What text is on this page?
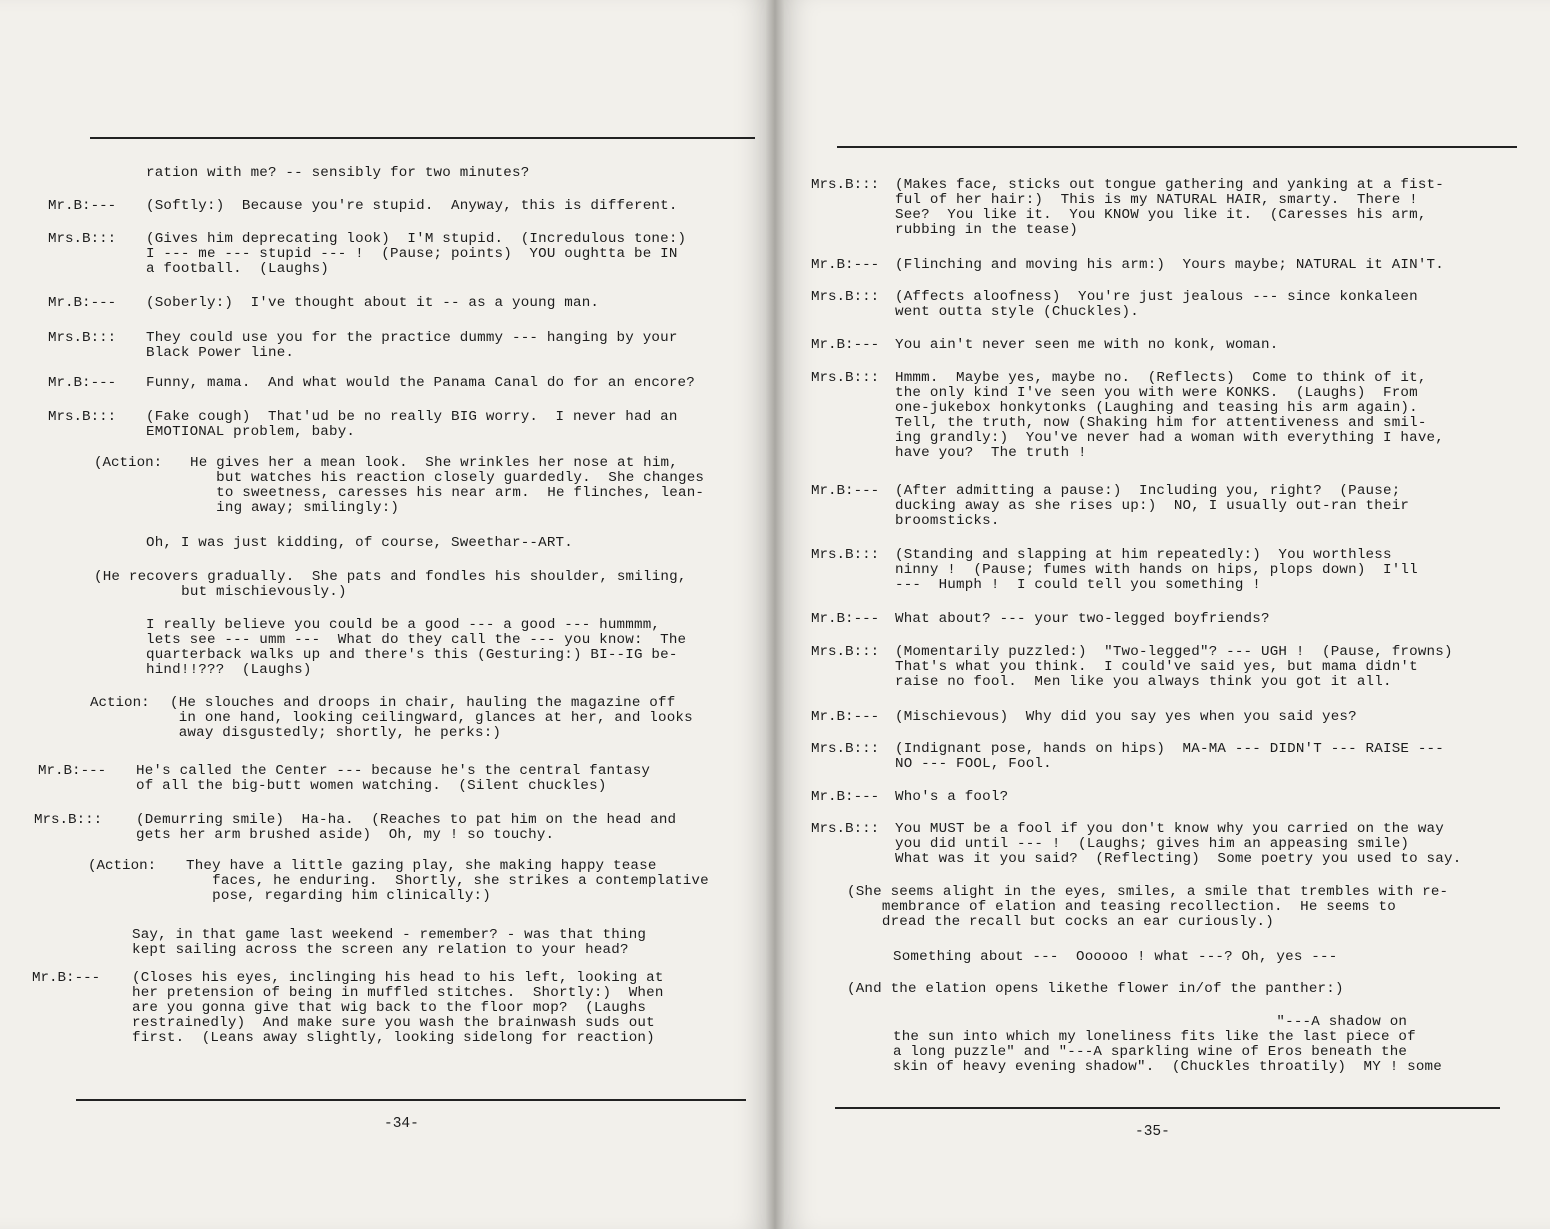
ration with me? -- sensibly for two minutes?
Mr.B:--- (Softly:)  Because you're stupid.  Anyway, this is different.
Mrs.B::: (Gives him deprecating look)  I'M stupid.  (Incredulous tone:)
I --- me --- stupid --- !  (Pause; points)  YOU oughtta be IN
a football.  (Laughs)
Mr.B:--- (Soberly:)  I've thought about it -- as a young man.
Mrs.B::: They could use you for the practice dummy --- hanging by your
Black Power line.
Mr.B:--- Funny, mama.  And what would the Panama Canal do for an encore?
Mrs.B::: (Fake cough)  That'ud be no really BIG worry.  I never had an
EMOTIONAL problem, baby.
(Action: He gives her a mean look.  She wrinkles her nose at him,
but watches his reaction closely guardedly.  She changes
to sweetness, caresses his near arm.  He flinches, lean-
ing away; smilingly:)
Oh, I was just kidding, of course, Sweethar--ART.
(He recovers gradually.  She pats and fondles his shoulder, smiling,
but mischievously.)
I really believe you could be a good --- a good --- hummmm,
lets see --- umm ---  What do they call the --- you know:  The
quarterback walks up and there's this (Gesturing:) BI--IG be-
hind!!???  (Laughs)
Action: (He slouches and droops in chair, hauling the magazine off
in one hand, looking ceilingward, glances at her, and looks
away disgustedly; shortly, he perks:)
Mr.B:--- He's called the Center --- because he's the central fantasy
of all the big-butt women watching.  (Silent chuckles)
Mrs.B::: (Demurring smile)  Ha-ha.  (Reaches to pat him on the head and
gets her arm brushed aside)  Oh, my ! so touchy.
(Action: They have a little gazing play, she making happy tease
faces, he enduring.  Shortly, she strikes a contemplative
pose, regarding him clinically:)
Say, in that game last weekend - remember? - was that thing
kept sailing across the screen any relation to your head?
Mr.B:--- (Closes his eyes, inclinging his head to his left, looking at
her pretension of being in muffled stitches.  Shortly:)  When
are you gonna give that wig back to the floor mop?  (Laughs
restrainedly)  And make sure you wash the brainwash suds out
first.  (Leans away slightly, looking sidelong for reaction)
-34-
Mrs.B::: (Makes face, sticks out tongue gathering and yanking at a fist-
ful of her hair:)  This is my NATURAL HAIR, smarty.  There !
See?  You like it.  You KNOW you like it.  (Caresses his arm,
rubbing in the tease)
Mr.B:--- (Flinching and moving his arm:)  Yours maybe; NATURAL it AIN'T.
Mrs.B::: (Affects aloofness)  You're just jealous --- since konkaleen
went outta style (Chuckles).
Mr.B:--- You ain't never seen me with no konk, woman.
Mrs.B::: Hmmm.  Maybe yes, maybe no.  (Reflects)  Come to think of it,
the only kind I've seen you with were KONKS.  (Laughs)  From
one-jukebox honkytonks (Laughing and teasing his arm again).
Tell, the truth, now (Shaking him for attentiveness and smil-
ing grandly:)  You've never had a woman with everything I have,
have you?  The truth !
Mr.B:--- (After admitting a pause:)  Including you, right?  (Pause;
ducking away as she rises up:)  NO, I usually out-ran their
broomsticks.
Mrs.B::: (Standing and slapping at him repeatedly:)  You worthless
ninny !  (Pause; fumes with hands on hips, plops down)  I'll
---  Humph !  I could tell you something !
Mr.B:--- What about? --- your two-legged boyfriends?
Mrs.B::: (Momentarily puzzled:)  "Two-legged"? --- UGH !  (Pause, frowns)
That's what you think.  I could've said yes, but mama didn't
raise no fool.  Men like you always think you got it all.
Mr.B:--- (Mischievous)  Why did you say yes when you said yes?
Mrs.B::: (Indignant pose, hands on hips)  MA-MA --- DIDN'T --- RAISE ---
NO --- FOOL, Fool.
Mr.B:--- Who's a fool?
Mrs.B::: You MUST be a fool if you don't know why you carried on the way
you did until --- !  (Laughs; gives him an appeasing smile)
What was it you said?  (Reflecting)  Some poetry you used to say.
(She seems alight in the eyes, smiles, a smile that trembles with re-
membrance of elation and teasing recollection.  He seems to
dread the recall but cocks an ear curiously.)
Something about ---  Oooooo ! what ---? Oh, yes ---
(And the elation opens likethe flower in/of the panther:)
"---A shadow on
the sun into which my loneliness fits like the last piece of
a long puzzle" and "---A sparkling wine of Eros beneath the
skin of heavy evening shadow".  (Chuckles throatily)  MY ! some
-35-
